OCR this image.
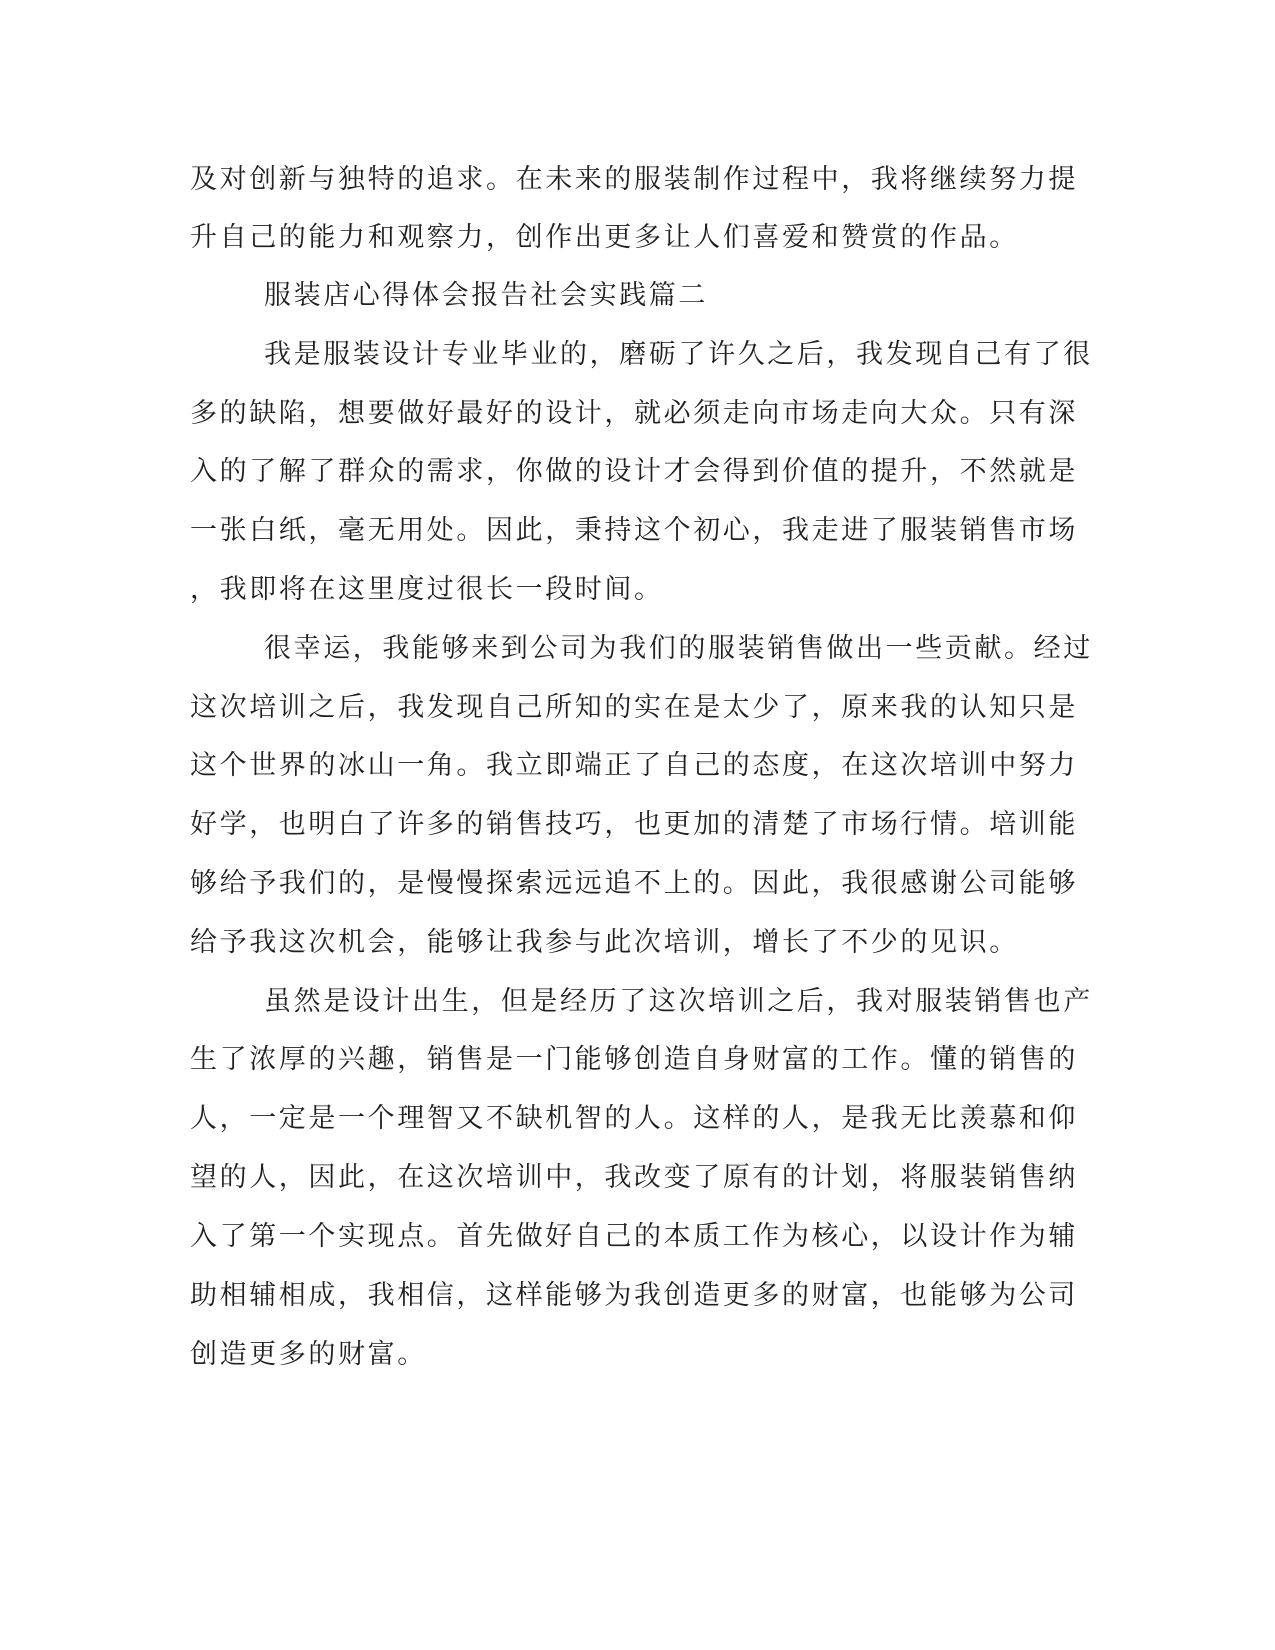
及对创新与独特的追求。在未来的服装制作过程中，我将继续努力提
升自己的能力和观察力，创作出更多让人们喜爱和赞赏的作品。
服装店心得体会报告社会实践篇二
我是服装设计专业毕业的，磨砺了许久之后，我发现自己有了很
多的缺陷，想要做好最好的设计，就必须走向市场走向大众。只有深
入的了解了群众的需求，你做的设计才会得到价值的提升，不然就是
一张白纸，毫无用处。因此，秉持这个初心，我走进了服装销售市场
，我即将在这里度过很长一段时间。
很幸运，我能够来到公司为我们的服装销售做出一些贡献。经过
这次培训之后，我发现自己所知的实在是太少了，原来我的认知只是
这个世界的冰山一角。我立即端正了自己的态度，在这次培训中努力
好学，也明白了许多的销售技巧，也更加的清楚了市场行情。培训能
够给予我们的，是慢慢探索远远追不上的。因此，我很感谢公司能够
给予我这次机会，能够让我参与此次培训，增长了不少的见识。
虽然是设计出生，但是经历了这次培训之后，我对服装销售也产
生了浓厚的兴趣，销售是一门能够创造自身财富的工作。懂的销售的
人，一定是一个理智又不缺机智的人。这样的人，是我无比羡慕和仰
望的人，因此，在这次培训中，我改变了原有的计划，将服装销售纳
入了第一个实现点。首先做好自己的本质工作为核心，以设计作为辅
助相辅相成，我相信，这样能够为我创造更多的财富，也能够为公司
创造更多的财富。
